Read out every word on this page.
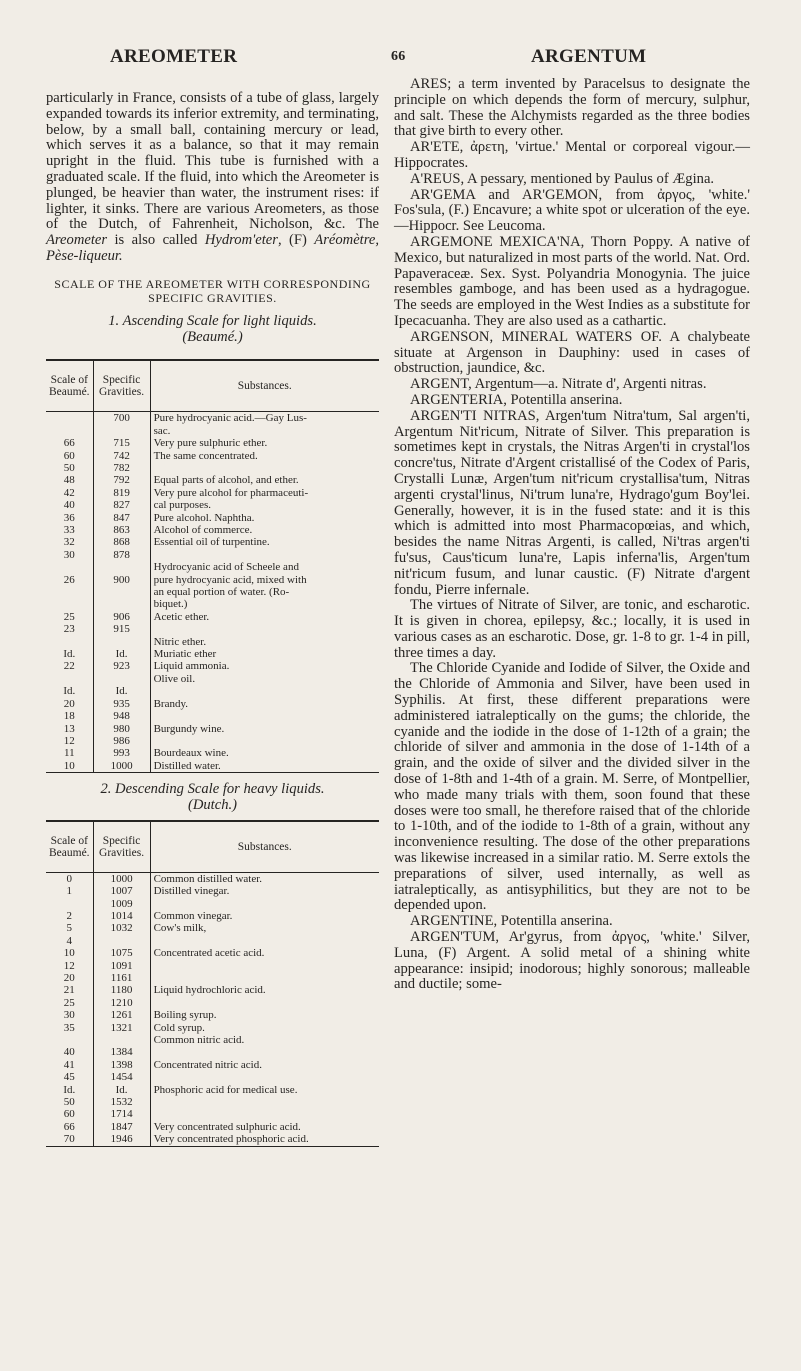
AREOMETER	66	ARGENTUM

particularly in France, consists of a tube of glass, largely expanded towards its inferior extremity, and terminating, below, by a small ball, containing mercury or lead, which serves it as a balance, so that it may remain upright in the fluid. This tube is furnished with a graduated scale. If the fluid, into which the Areometer is plunged, be heavier than water, the instrument rises: if lighter, it sinks. There are various Areometers, as those of the Dutch, of Fahrenheit, Nicholson, &c. The Areometer is also called Hydrom'eter, (F) Aréomètre, Pèse-liqueur.

SCALE OF THE AREOMETER WITH CORRESPONDING SPECIFIC GRAVITIES.
1. Ascending Scale for light liquids.
(Beaumé.)
Scale of Beaumé.	Specific Gravities.	Substances.
	700	Pure hydrocyanic acid.—Gay Lus-
		sac.
66	715	Very pure sulphuric ether.
60	742	The same concentrated.
50	782	
48	792	Equal parts of alcohol, and ether.
42	819	Very pure alcohol for pharmaceuti-
40	827	cal purposes.
36	847	Pure alcohol. Naphtha.
33	863	Alcohol of commerce.
32	868	Essential oil of turpentine.
30	878	
		Hydrocyanic acid of Scheele and
26	900	pure hydrocyanic acid, mixed with
		an equal portion of water. (Ro-
		biquet.)
25	906	Acetic ether.
23	915	
		Nitric ether.
Id.	Id.	Muriatic ether
22	923	Liquid ammonia.
		Olive oil.
Id.	Id.	
20	935	Brandy.
18	948	
13	980	Burgundy wine.
12	986	
11	993	Bourdeaux wine.
10	1000	Distilled water.
2. Descending Scale for heavy liquids.
(Dutch.)
Scale of Beaumé.	Specific Gravities.	Substances.
0	1000	Common distilled water.
1	1007	Distilled vinegar.
	1009	
2	1014	Common vinegar.
5	1032	Cow's milk,
4		
10	1075	Concentrated acetic acid.
12	1091	
20	1161	
21	1180	Liquid hydrochloric acid.
25	1210	
30	1261	Boiling syrup.
35	1321	Cold syrup.
		Common nitric acid.
40	1384	
41	1398	Concentrated nitric acid.
45	1454	
Id.	Id.	Phosphoric acid for medical use.
50	1532	
60	1714	
66	1847	Very concentrated sulphuric acid.
70	1946	Very concentrated phosphoric acid.

ARES; a term invented by Paracelsus to designate the principle on which depends the form of mercury, sulphur, and salt. These the Alchymists regarded as the three bodies that give birth to every other.

AR'ETE, ἀρετη, 'virtue.' Mental or corporeal vigour.—Hippocrates.

A'REUS, A pessary, mentioned by Paulus of Ægina.

AR'GEMA and AR'GEMON, from ἀργος, 'white.' Fos'sula, (F.) Encavure; a white spot or ulceration of the eye.—Hippocr. See Leucoma.

ARGEMONE MEXICA'NA, Thorn Poppy. A native of Mexico, but naturalized in most parts of the world. Nat. Ord. Papaveraceæ. Sex. Syst. Polyandria Monogynia. The juice resembles gamboge, and has been used as a hydragogue. The seeds are employed in the West Indies as a substitute for Ipecacuanha. They are also used as a cathartic.

ARGENSON, MINERAL WATERS OF. A chalybeate situate at Argenson in Dauphiny: used in cases of obstruction, jaundice, &c.

ARGENT, Argentum—a. Nitrate d', Argenti nitras.

ARGENTERIA, Potentilla anserina.

ARGEN'TI NITRAS, Argen'tum Nitra'tum, Sal argen'ti, Argentum Nit'ricum, Nitrate of Silver. This preparation is sometimes kept in crystals, the Nitras Argen'ti in crystal'los concre'tus, Nitrate d'Argent cristallisé of the Codex of Paris, Crystalli Lunæ, Argen'tum nit'ricum crystallisa'tum, Nitras argenti crystal'linus, Ni'trum luna're, Hydrago'gum Boy'lei. Generally, however, it is in the fused state: and it is this which is admitted into most Pharmacopœias, and which, besides the name Nitras Argenti, is called, Ni'tras argen'ti fu'sus, Caus'ticum luna're, Lapis inferna'lis, Argen'tum nit'ricum fusum, and lunar caustic. (F) Nitrate d'argent fondu, Pierre infernale.

The virtues of Nitrate of Silver, are tonic, and escharotic. It is given in chorea, epilepsy, &c.; locally, it is used in various cases as an escharotic. Dose, gr. 1-8 to gr. 1-4 in pill, three times a day.

The Chloride Cyanide and Iodide of Silver, the Oxide and the Chloride of Ammonia and Silver, have been used in Syphilis. At first, these different preparations were administered iatraleptically on the gums; the chloride, the cyanide and the iodide in the dose of 1-12th of a grain; the chloride of silver and ammonia in the dose of 1-14th of a grain, and the oxide of silver and the divided silver in the dose of 1-8th and 1-4th of a grain. M. Serre, of Montpellier, who made many trials with them, soon found that these doses were too small, he therefore raised that of the chloride to 1-10th, and of the iodide to 1-8th of a grain, without any inconvenience resulting. The dose of the other preparations was likewise increased in a similar ratio. M. Serre extols the preparations of silver, used internally, as well as iatraleptically, as antisyphilitics, but they are not to be depended upon.

ARGENTINE, Potentilla anserina.

ARGEN'TUM, Ar'gyrus, from ἀργος, 'white.' Silver, Luna, (F) Argent. A solid metal of a shining white appearance: insipid; inodorous; highly sonorous; malleable and ductile; some-
